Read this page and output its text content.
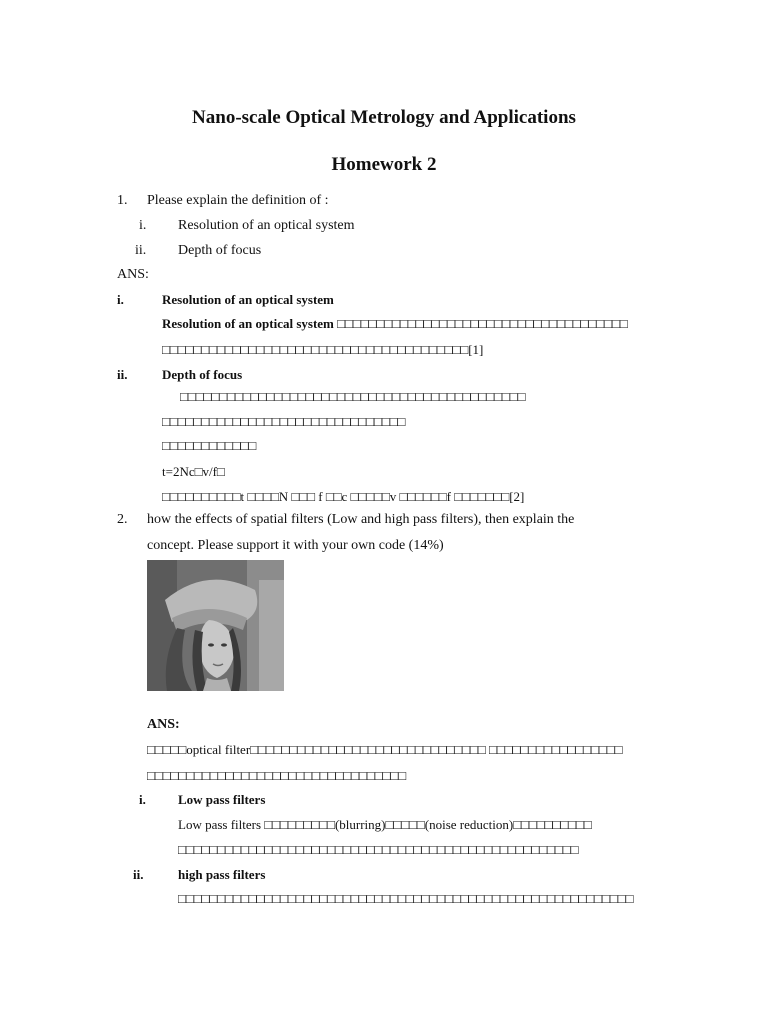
Nano-scale Optical Metrology and Applications
Homework 2
1. Please explain the definition of :
i. Resolution of an optical system
ii. Depth of focus
ANS:
i.	Resolution of an optical system
Resolution of an optical system □□□□□□□□□□□□□□□□□□□□□□□□□□□□□□□□□□□□□
□□□□□□□□□□□□□□□□□□□□□□□□□□□□□□□□□□□□□□□[1]
ii.	Depth of focus
□□□□□□□□□□□□□□□□□□□□□□□□□□□□□□□□□□□□□□□□□□□□
□□□□□□□□□□□□□□□□□□□□□□□□□□□□□□□
□□□□□□□□□□□□
t=2Nc□v/f□
□□□□□□□□□□t □□□□N □□□ f □□c □□□□□v □□□□□□f □□□□□□□[2]
2. how the effects of spatial filters (Low and high pass filters), then explain the
concept. Please support it with your own code (14%)
ANS:
□□□□□optical filter□□□□□□□□□□□□□□□□□□□□□□□□□□□□□□ □□□□□□□□□□□□□□□□□
□□□□□□□□□□□□□□□□□□□□□□□□□□□□□□□□□
i. Low pass filters
Low pass filters □□□□□□□□□(blurring)□□□□□(noise reduction)□□□□□□□□□□
□□□□□□□□□□□□□□□□□□□□□□□□□□□□□□□□□□□□□□□□□□□□□□□□□□□
ii.	high pass filters
□□□□□□□□□□□□□□□□□□□□□□□□□□□□□□□□□□□□□□□□□□□□□□□□□□□□□□□□□□
